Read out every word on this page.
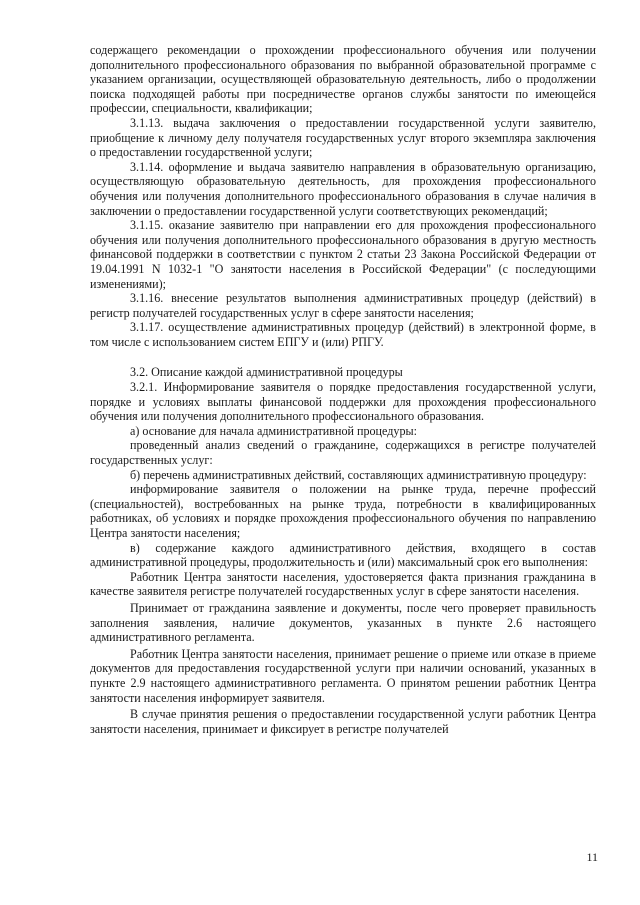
содержащего рекомендации о прохождении профессионального обучения или получении дополнительного профессионального образования по выбранной образовательной программе с указанием организации, осуществляющей образовательную деятельность, либо о продолжении поиска подходящей работы при посредничестве органов службы занятости по имеющейся профессии, специальности, квалификации;

3.1.13. выдача заключения о предоставлении государственной услуги заявителю, приобщение к личному делу получателя государственных услуг второго экземпляра заключения о предоставлении государственной услуги;

3.1.14. оформление и выдача заявителю направления в образовательную организацию, осуществляющую образовательную деятельность, для прохождения профессионального обучения или получения дополнительного профессионального образования в случае наличия в заключении о предоставлении государственной услуги соответствующих рекомендаций;

3.1.15. оказание заявителю при направлении его для прохождения профессионального обучения или получения дополнительного профессионального образования в другую местность финансовой поддержки в соответствии с пунктом 2 статьи 23 Закона Российской Федерации от 19.04.1991 N 1032-1 "О занятости населения в Российской Федерации" (с последующими изменениями);

3.1.16. внесение результатов выполнения административных процедур (действий) в регистр получателей государственных услуг в сфере занятости населения;

3.1.17. осуществление административных процедур (действий) в электронной форме, в том числе с использованием систем ЕПГУ и (или) РПГУ.

3.2. Описание каждой административной процедуры

3.2.1. Информирование заявителя о порядке предоставления государственной услуги, порядке и условиях выплаты финансовой поддержки для прохождения профессионального обучения или получения дополнительного профессионального образования.

а) основание для начала административной процедуры:

проведенный анализ сведений о гражданине, содержащихся в регистре получателей государственных услуг:

б) перечень административных действий, составляющих административную процедуру:

информирование заявителя о положении на рынке труда, перечне профессий (специальностей), востребованных на рынке труда, потребности в квалифицированных работниках, об условиях и порядке прохождения профессионального обучения по направлению Центра занятости населения;

в) содержание каждого административного действия, входящего в состав административной процедуры, продолжительность и (или) максимальный срок его выполнения:

Работник Центра занятости населения, удостоверяется факта признания гражданина в качестве заявителя регистре получателей государственных услуг в сфере занятости населения.

Принимает от гражданина заявление и документы, после чего проверяет правильность заполнения заявления, наличие документов, указанных в пункте 2.6 настоящего административного регламента.

Работник Центра занятости населения, принимает решение о приеме или отказе в приеме документов для предоставления государственной услуги при наличии оснований, указанных в пункте 2.9 настоящего административного регламента. О принятом решении работник Центра занятости населения информирует заявителя.

В случае принятия решения о предоставлении государственной услуги работник Центра занятости населения, принимает и фиксирует в регистре получателей

11
